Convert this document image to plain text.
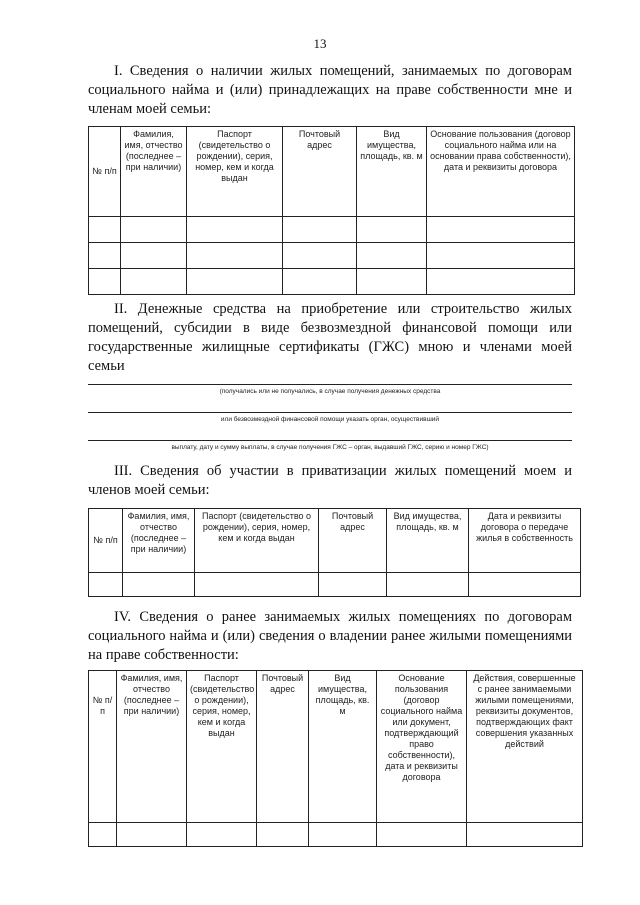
13

I. Сведения о наличии жилых помещений, занимаемых по договорам социального найма и (или) принадлежащих на праве собственности мне и членам моей семьи:

№ п/п	Фамилия, имя, отчество (последнее – при наличии)	Паспорт (свидетельство о рождении), серия, номер, кем и когда выдан	Почтовый адрес	Вид имущества, площадь, кв. м	Основание пользования (договор социального найма или на основании права собственности), дата и реквизиты договора

II. Денежные средства на приобретение или строительство жилых помещений, субсидии в виде безвозмездной финансовой помощи или государственные жилищные сертификаты (ГЖС) мною и членами моей семьи

(получались или не получались, в случае получения денежных средства
или безвозмездной финансовой помощи указать орган, осуществивший
выплату, дату и сумму выплаты, в случае получения ГЖС – орган, выдавший ГЖС, серию и номер ГЖС)

III. Сведения об участии в приватизации жилых помещений моем и членов моей семьи:

№ п/п	Фамилия, имя, отчество (последнее – при наличии)	Паспорт (свидетельство о рождении), серия, номер, кем и когда выдан	Почтовый адрес	Вид имущества, площадь, кв. м	Дата и реквизиты договора о передаче жилья в собственность

IV. Сведения о ранее занимаемых жилых помещениях по договорам социального найма и (или) сведения о владении ранее жилыми помещениями на праве собственности:

№ п/п	Фамилия, имя, отчество (последнее – при наличии)	Паспорт (свидетельство о рождении), серия, номер, кем и когда выдан	Почтовый адрес	Вид имущества, площадь, кв. м	Основание пользования (договор социального найма или документ, подтверждающий право собственности), дата и реквизиты договора	Действия, совершенные с ранее занимаемыми жилыми помещениями, реквизиты документов, подтверждающих факт совершения указанных действий
